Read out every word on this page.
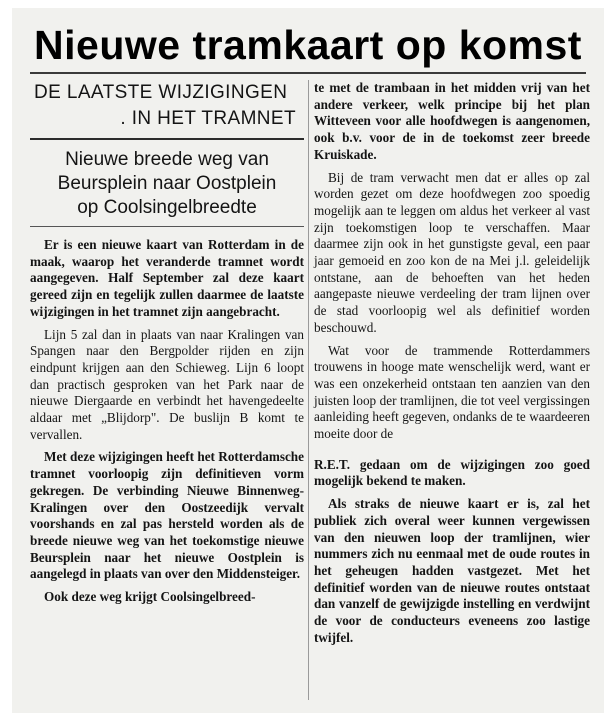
Nieuwe tramkaart op komst
DE LAATSTE WIJZIGINGEN
. IN HET TRAMNET
Nieuwe breede weg van
Beursplein naar Oostplein
op Coolsingelbreedte

Er is een nieuwe kaart van Rotterdam in de maak, waarop het veranderde tramnet wordt aangegeven. Half September zal deze kaart gereed zijn en tegelijk zullen daarmee de laatste wijzigingen in het tramnet zijn aangebracht.

Lijn 5 zal dan in plaats van naar Kralingen van Spangen naar den Bergpolder rijden en zijn eindpunt krijgen aan den Schieweg. Lijn 6 loopt dan practisch gesproken van het Park naar de nieuwe Diergaarde en verbindt het havengedeelte aldaar met „Blijdorp". De buslijn B komt te vervallen.

Met deze wijzigingen heeft het Rotterdamsche tramnet voorloopig zijn definitieven vorm gekregen. De verbinding Nieuwe Binnenweg-Kralingen over den Oostzeedijk vervalt voorshands en zal pas hersteld worden als de breede nieuwe weg van het toekomstige nieuwe Beursplein naar het nieuwe Oostplein is aangelegd in plaats van over den Middensteiger.

Ook deze weg krijgt Coolsingelbreed-

te met de trambaan in het midden vrij van het andere verkeer, welk principe bij het plan Witteveen voor alle hoofdwegen is aangenomen, ook b.v. voor de in de toekomst zeer breede Kruiskade.

Bij de tram verwacht men dat er alles op zal worden gezet om deze hoofdwegen zoo spoedig mogelijk aan te leggen om aldus het verkeer al vast zijn toekomstigen loop te verschaffen. Maar daarmee zijn ook in het gunstigste geval, een paar jaar gemoeid en zoo kon de na Mei j.l. geleidelijk ontstane, aan de behoeften van het heden aangepaste nieuwe verdeeling der tram lijnen over de stad voorloopig wel als definitief worden beschouwd.

Wat voor de trammende Rotterdammers trouwens in hooge mate wenschelijk werd, want er was een onzekerheid ontstaan ten aanzien van den juisten loop der tramlijnen, die tot veel vergissingen aanleiding heeft gegeven, ondanks de te waardeeren moeite door de

R.E.T. gedaan om de wijzigingen zoo goed mogelijk bekend te maken.

Als straks de nieuwe kaart er is, zal het publiek zich overal weer kunnen vergewissen van den nieuwen loop der tramlijnen, wier nummers zich nu eenmaal met de oude routes in het geheugen hadden vastgezet. Met het definitief worden van de nieuwe routes ontstaat dan vanzelf de gewijzigde instelling en verdwijnt de voor de conducteurs eveneens zoo lastige twijfel.
